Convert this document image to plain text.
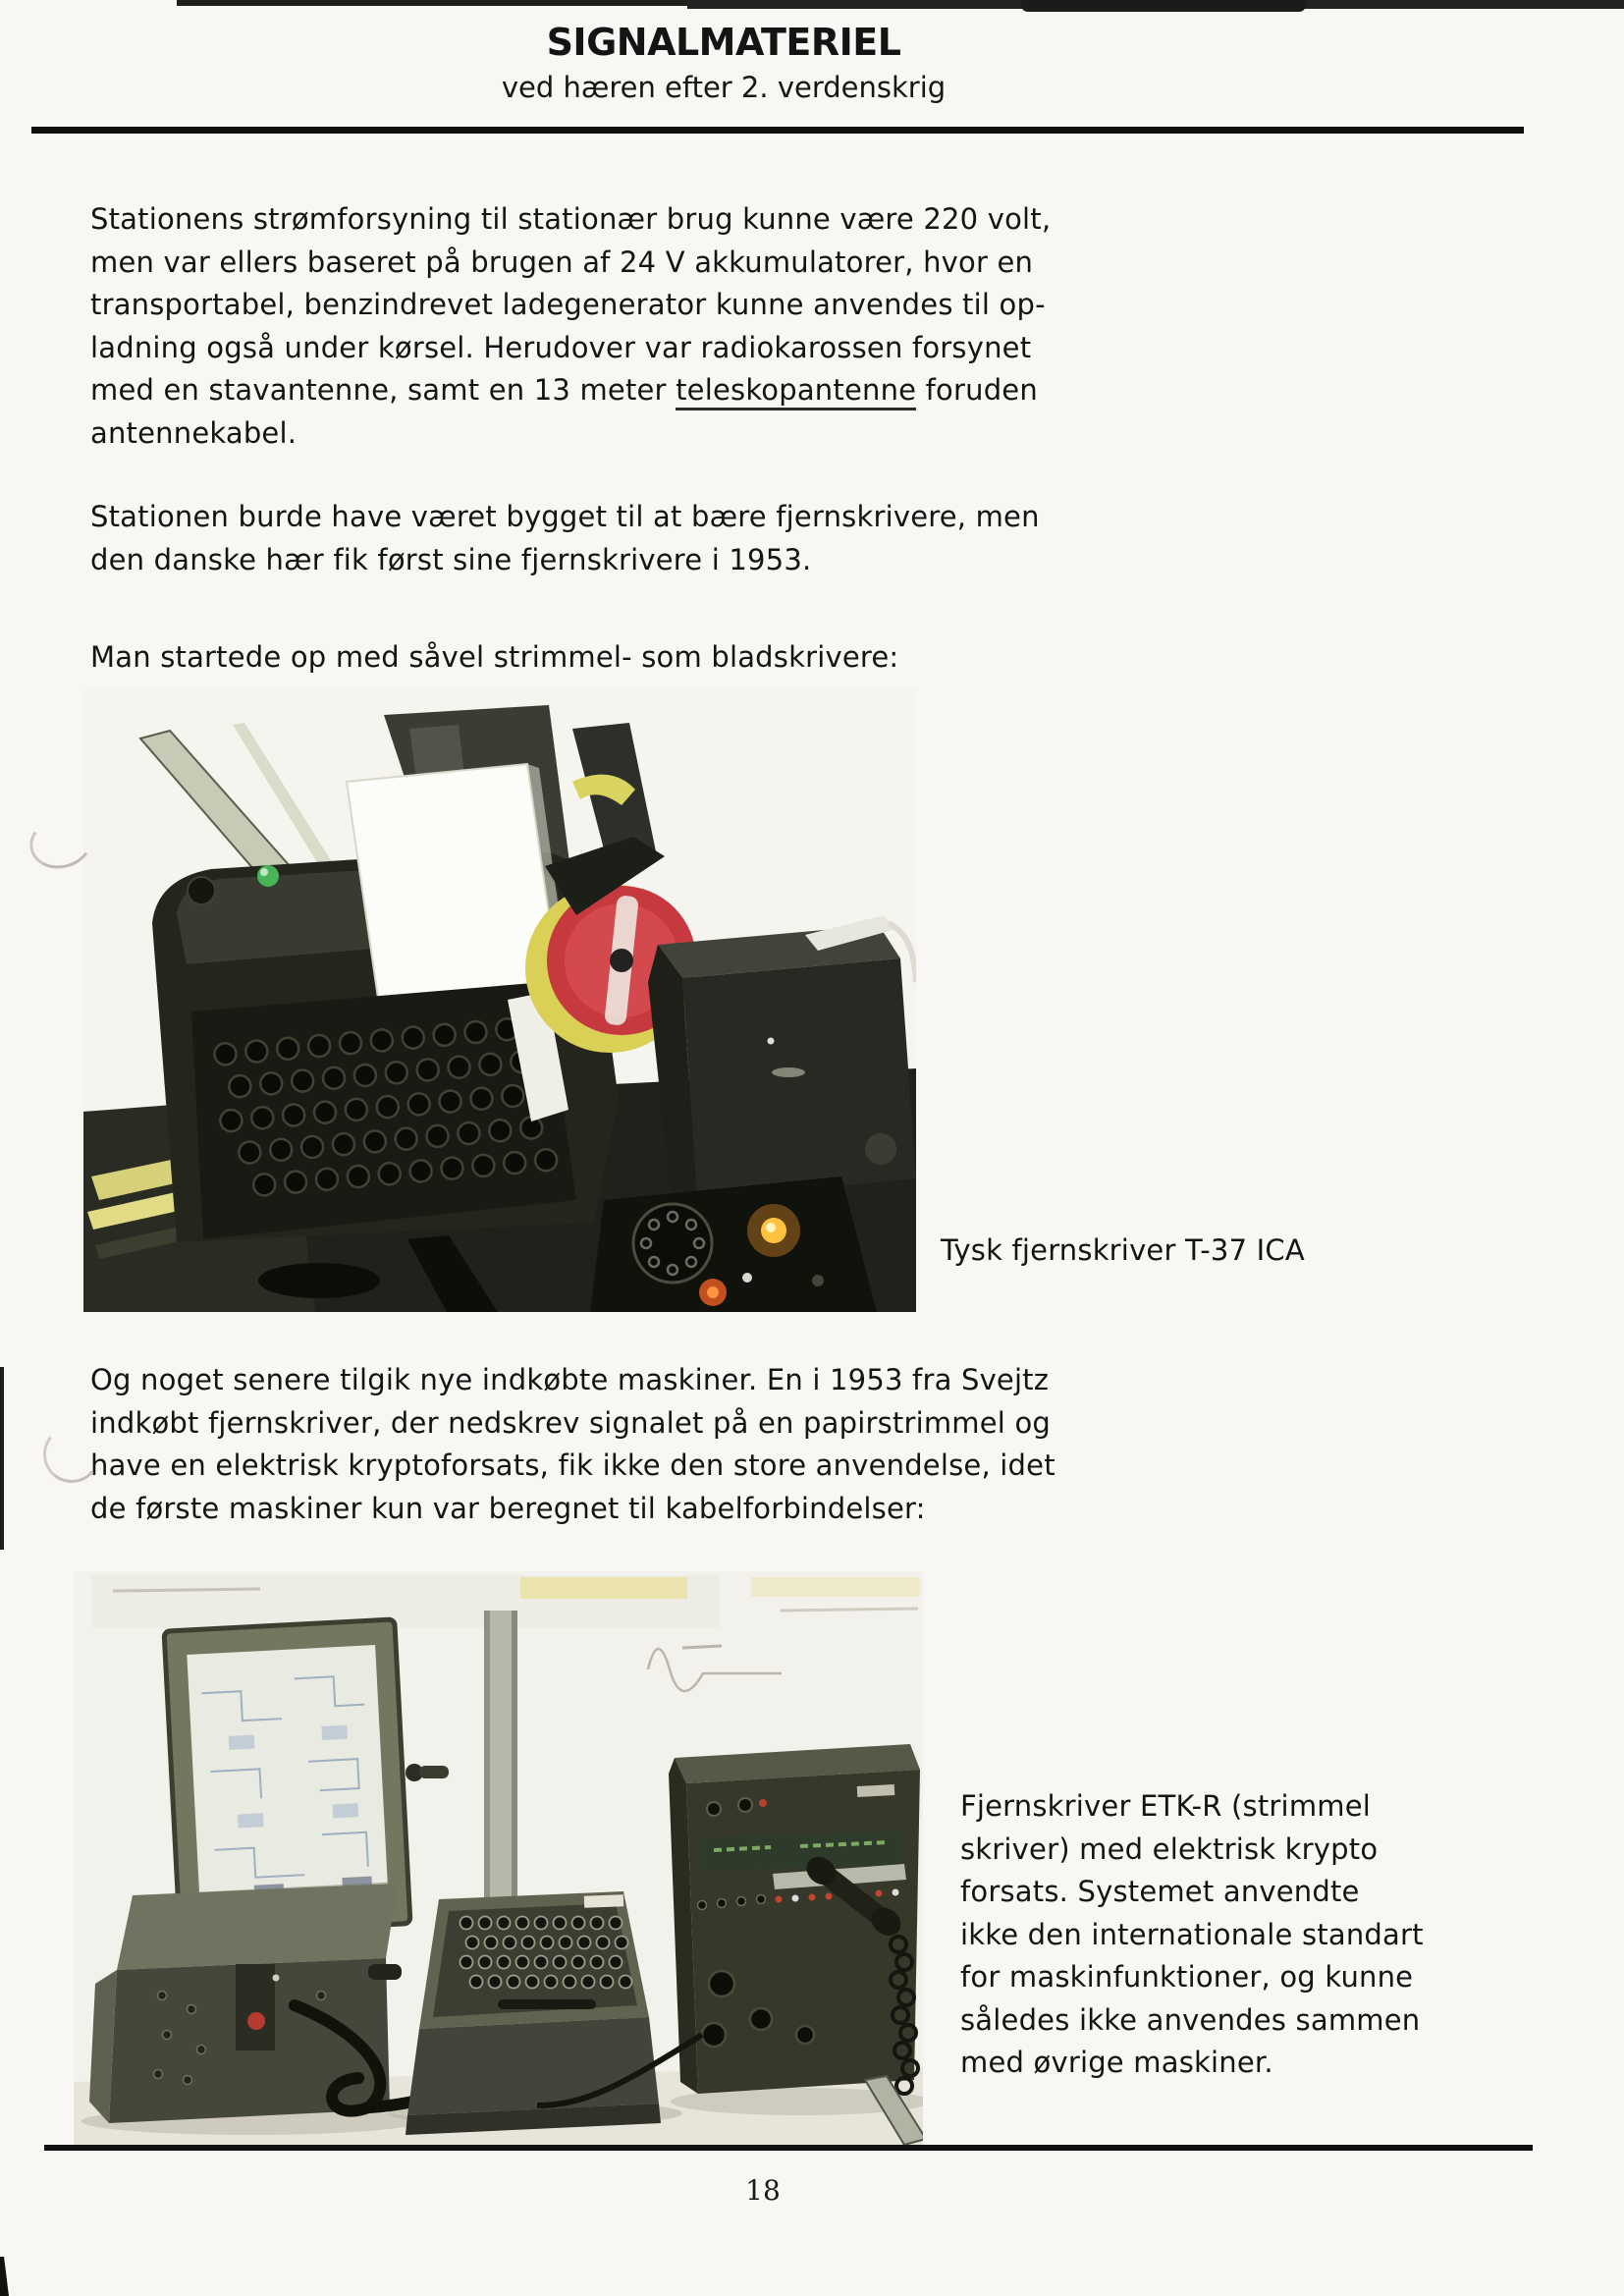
SIGNALMATERIEL
ved hæren efter 2. verdenskrig
Stationens strømforsyning til stationær brug kunne være 220 volt,
men var ellers baseret på brugen af 24 V akkumulatorer, hvor en
transportabel, benzindrevet ladegenerator kunne anvendes til op-
ladning også under kørsel. Herudover var radiokarossen forsynet
med en stavantenne, samt en 13 meter teleskopantenne foruden
antennekabel.
Stationen burde have været bygget til at bære fjernskrivere, men
den danske hær fik først sine fjernskrivere i 1953.
Man startede op med såvel strimmel- som bladskrivere:
Tysk fjernskriver T-37 ICA
Og noget senere tilgik nye indkøbte maskiner. En i 1953 fra Svejtz
indkøbt fjernskriver, der nedskrev signalet på en papirstrimmel og
have en elektrisk kryptoforsats, fik ikke den store anvendelse, idet
de første maskiner kun var beregnet til kabelforbindelser:
Fjernskriver ETK-R (strimmel
skriver) med elektrisk krypto
forsats. Systemet anvendte
ikke den internationale standart
for maskinfunktioner, og kunne
således ikke anvendes sammen
med øvrige maskiner.
18
